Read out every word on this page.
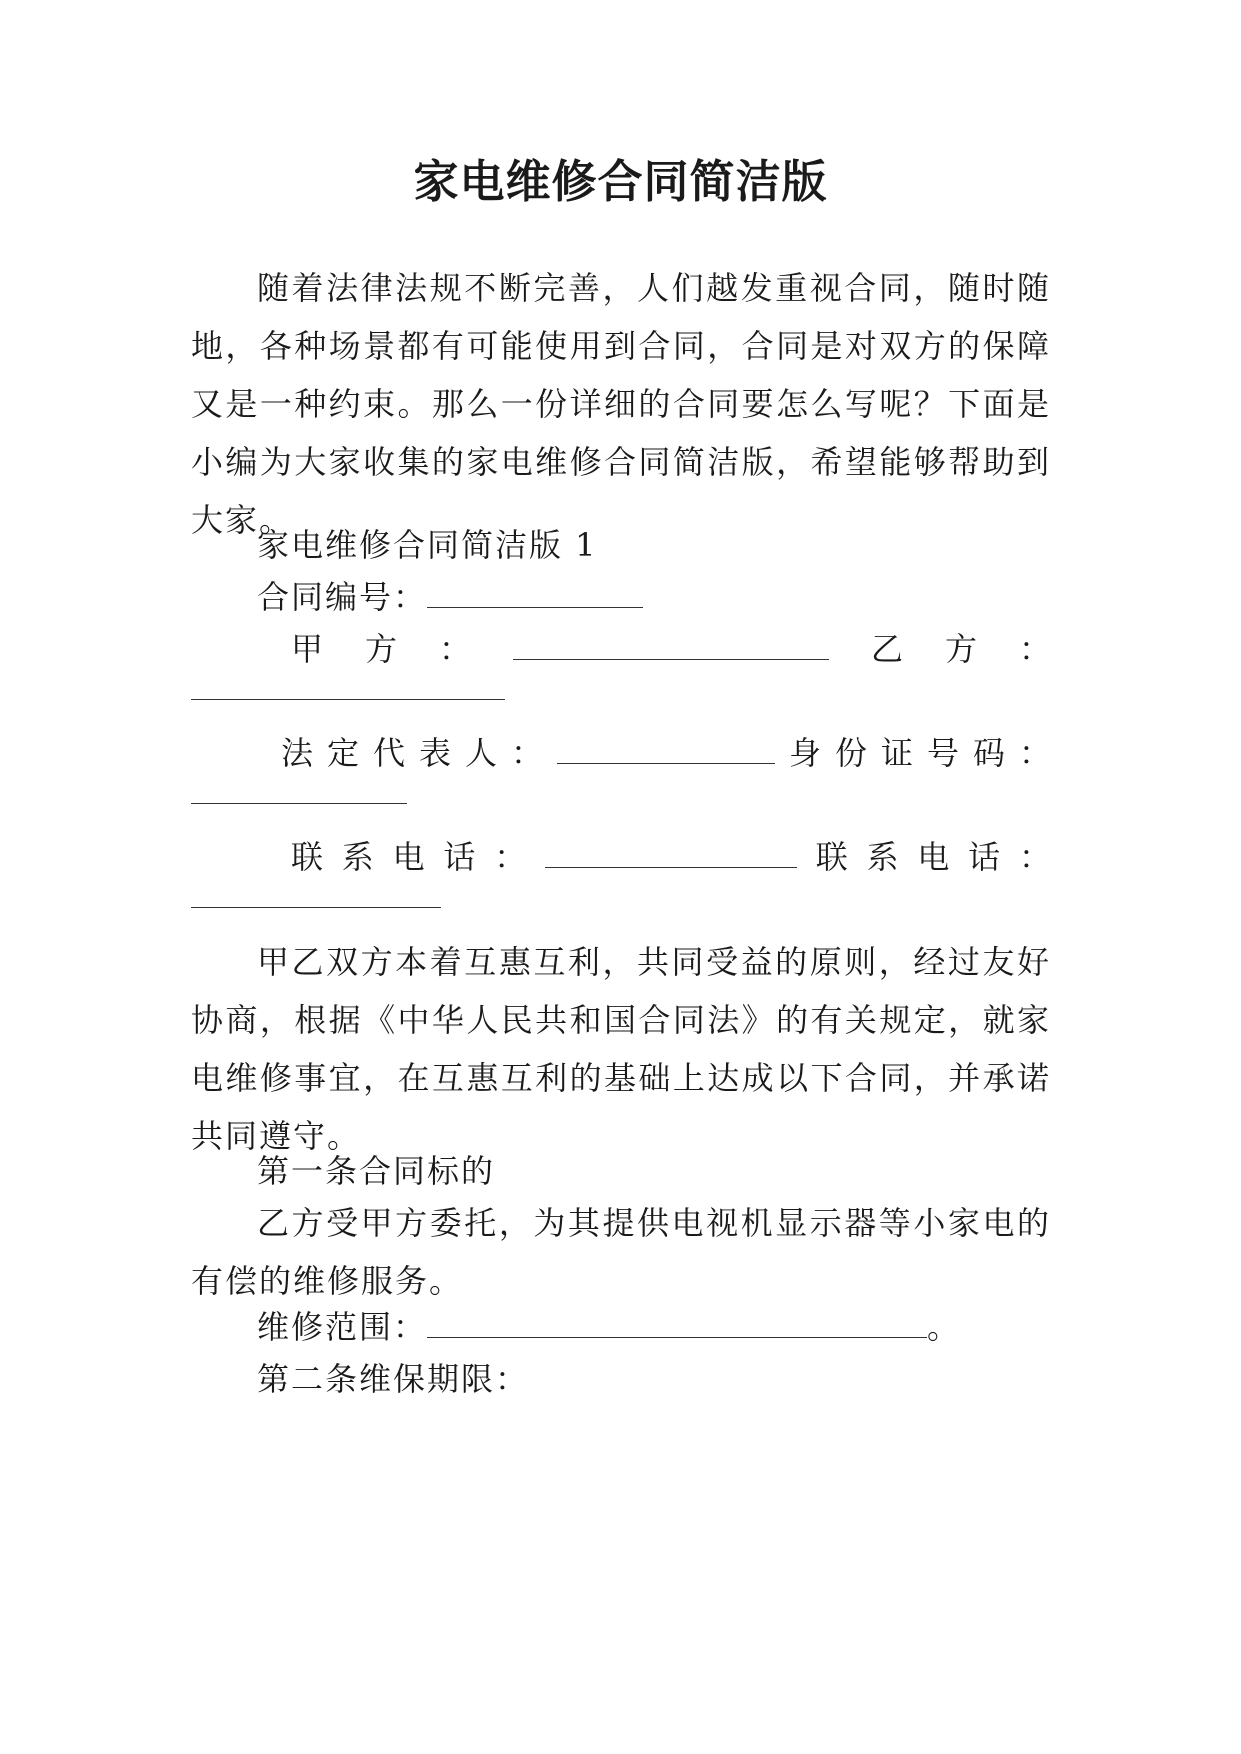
家电维修合同简洁版
随着法律法规不断完善，人们越发重视合同，随时随地，各种场景都有可能使用到合同，合同是对双方的保障又是一种约束。那么一份详细的合同要怎么写呢？下面是小编为大家收集的家电维修合同简洁版，希望能够帮助到大家。
家电维修合同简洁版 1
合同编号：
甲 方 ：	乙 方 ：
法 定 代 表 人 ：	身 份 证 号 码 ：
联 系 电 话 ：	联 系 电 话 ：
甲乙双方本着互惠互利，共同受益的原则，经过友好协商，根据《中华人民共和国合同法》的有关规定，就家电维修事宜，在互惠互利的基础上达成以下合同，并承诺共同遵守。
第一条合同标的
乙方受甲方委托，为其提供电视机显示器等小家电的有偿的维修服务。
维修范围：	。
第二条维保期限：
